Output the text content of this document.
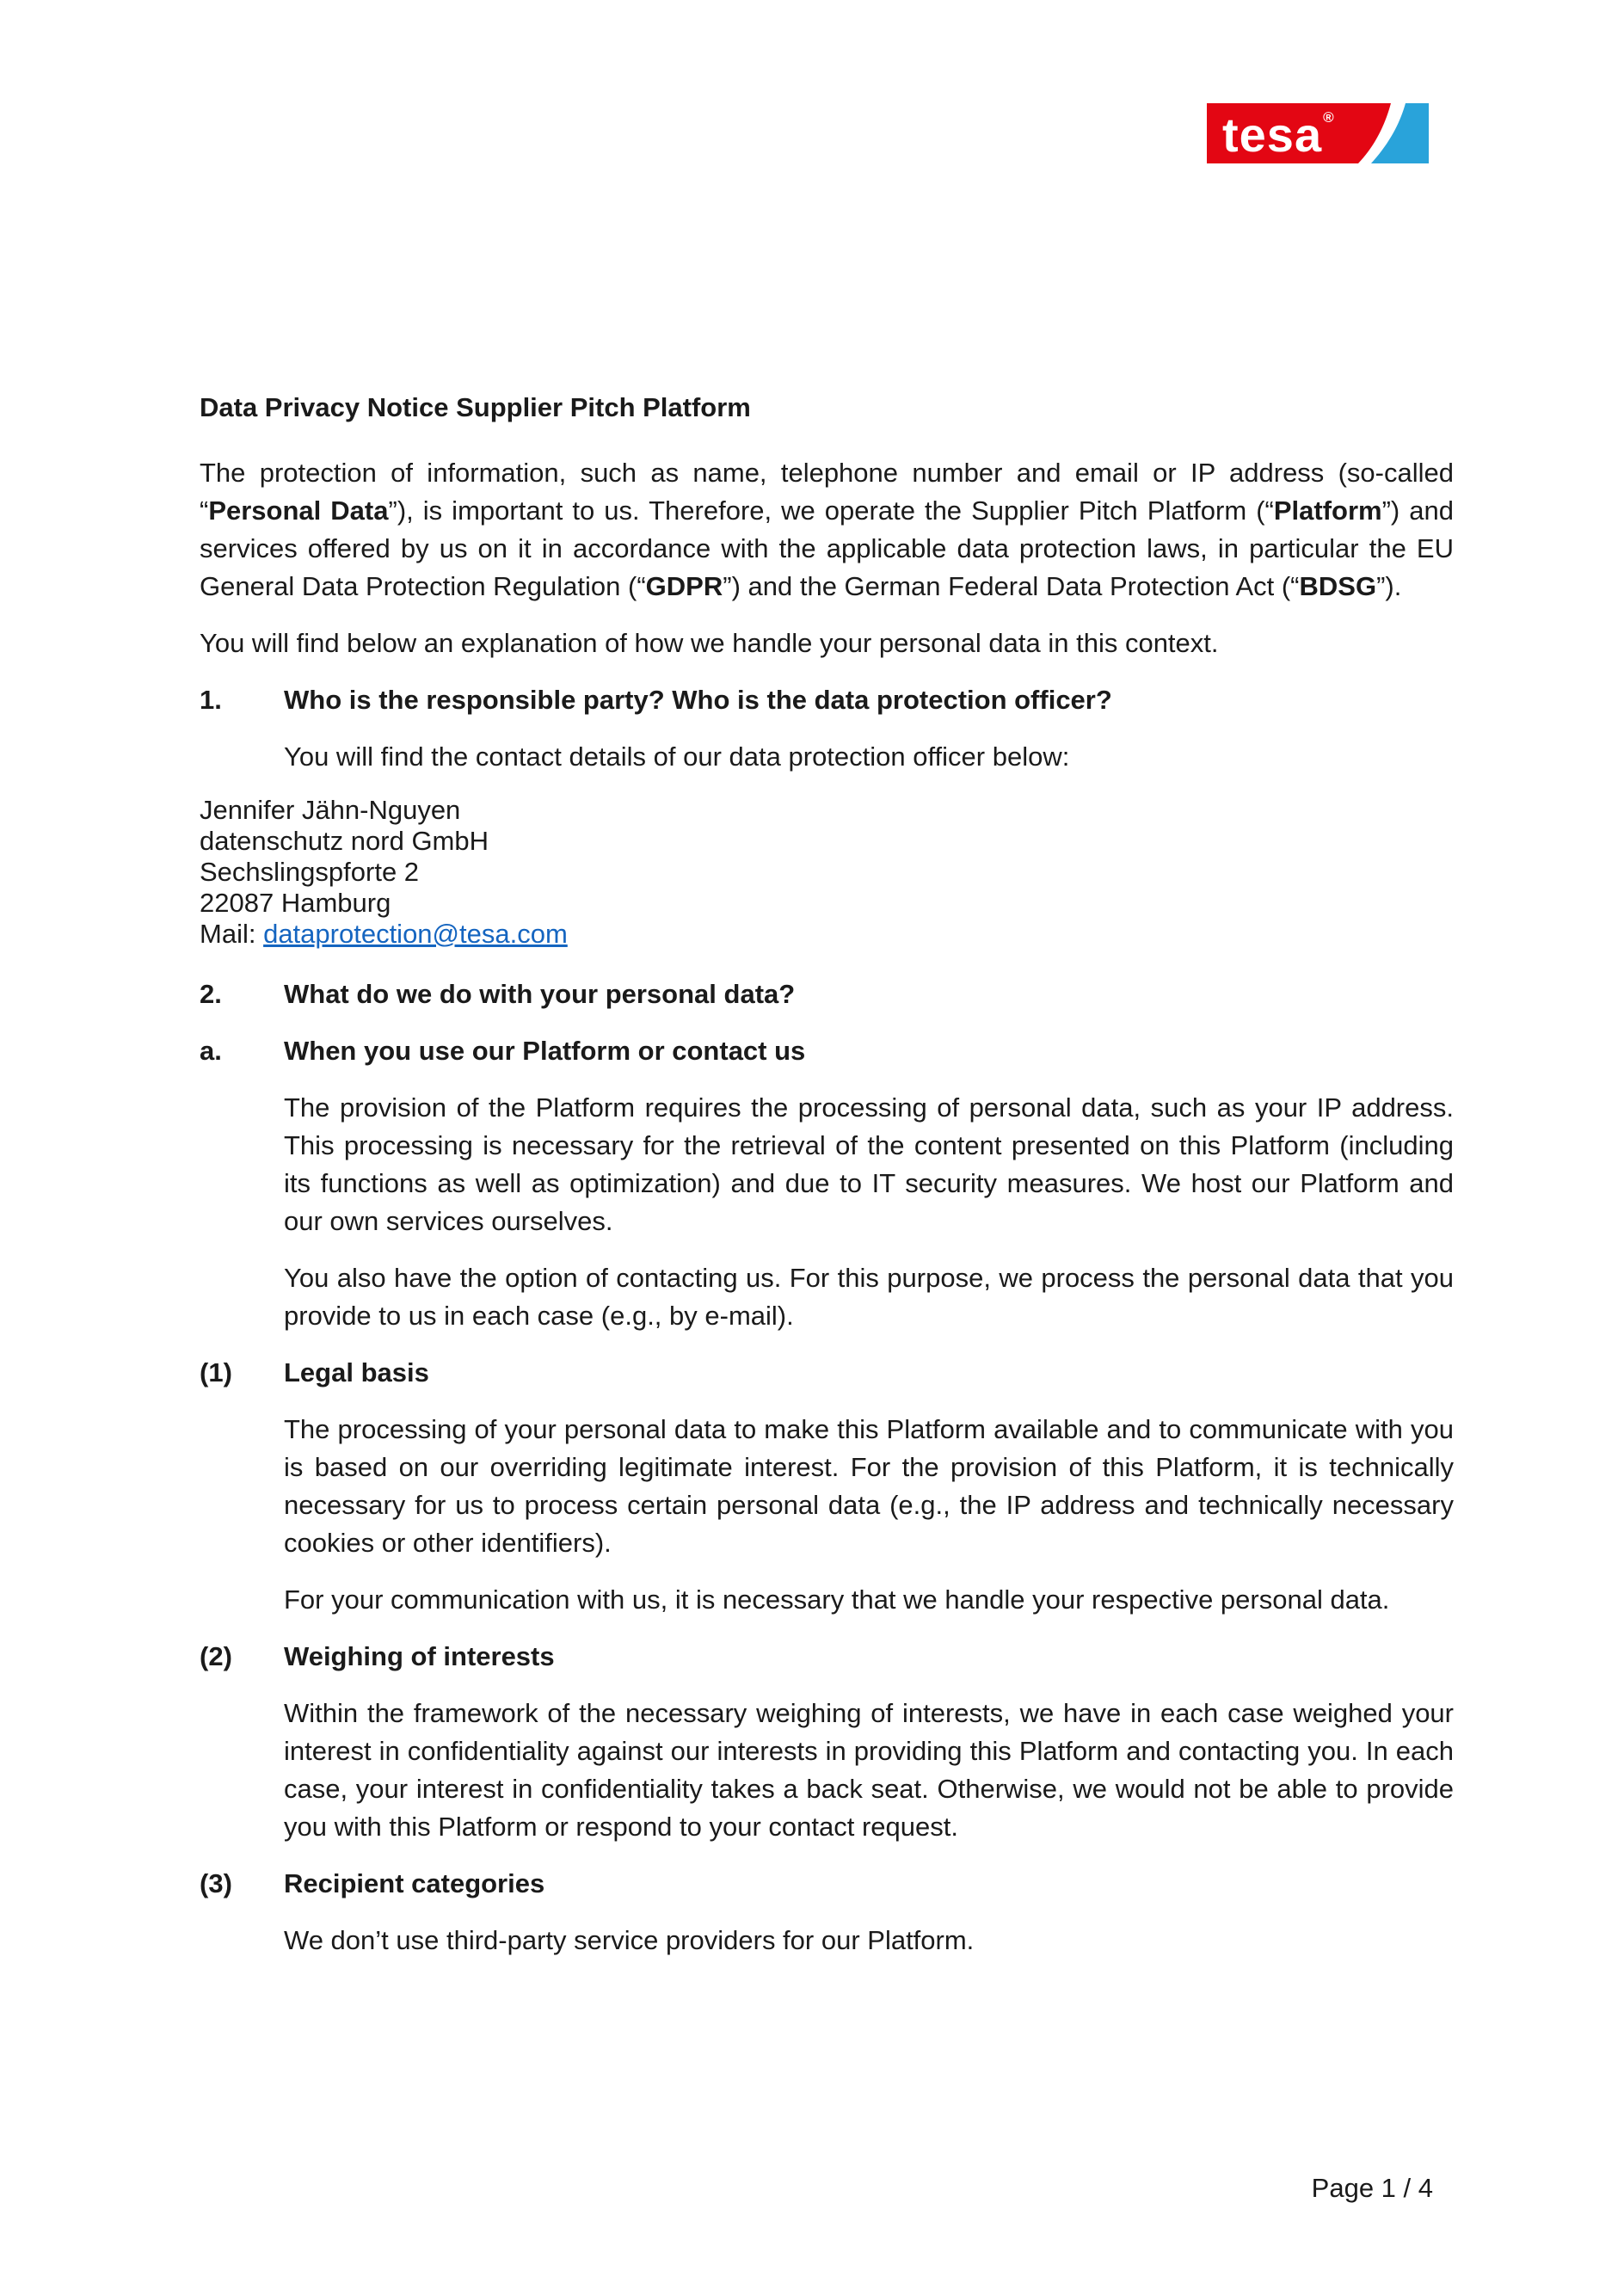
tesa®
Data Privacy Notice Supplier Pitch Platform

The protection of information, such as name, telephone number and email or IP address (so-called “Personal Data”), is important to us. Therefore, we operate the Supplier Pitch Platform (“Platform”) and services offered by us on it in accordance with the applicable data protection laws, in particular the EU General Data Protection Regulation (“GDPR”) and the German Federal Data Protection Act (“BDSG”).

You will find below an explanation of how we handle your personal data in this context.

1. Who is the responsible party? Who is the data protection officer?

You will find the contact details of our data protection officer below:

Jennifer Jähn-Nguyen
datenschutz nord GmbH
Sechslingspforte 2
22087 Hamburg
Mail: dataprotection@tesa.com
2. What do we do with your personal data?
a. When you use our Platform or contact us

The provision of the Platform requires the processing of personal data, such as your IP address. This processing is necessary for the retrieval of the content presented on this Platform (including its functions as well as optimization) and due to IT security measures. We host our Platform and our own services ourselves.

You also have the option of contacting us. For this purpose, we process the personal data that you provide to us in each case (e.g., by e-mail).

(1) Legal basis

The processing of your personal data to make this Platform available and to communicate with you is based on our overriding legitimate interest. For the provision of this Platform, it is technically necessary for us to process certain personal data (e.g., the IP address and technically necessary cookies or other identifiers).

For your communication with us, it is necessary that we handle your respective personal data.

(2) Weighing of interests

Within the framework of the necessary weighing of interests, we have in each case weighed your interest in confidentiality against our interests in providing this Platform and contacting you. In each case, your interest in confidentiality takes a back seat. Otherwise, we would not be able to provide you with this Platform or respond to your contact request.

(3) Recipient categories

We don’t use third-party service providers for our Platform.

Page 1 / 4
